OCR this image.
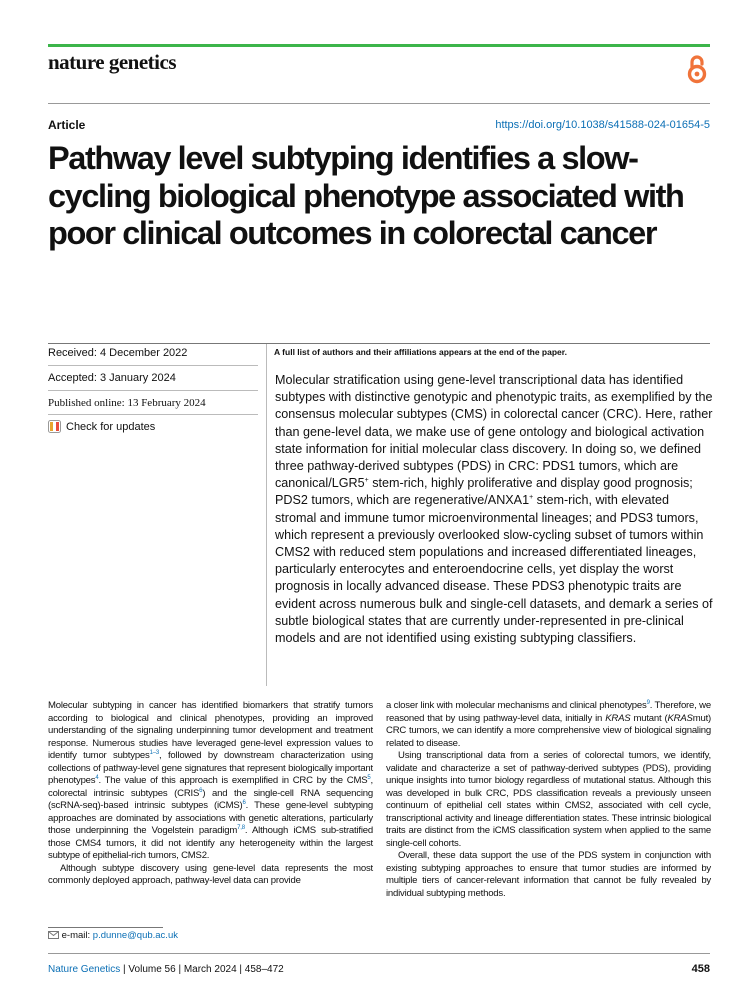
nature genetics
Article	https://doi.org/10.1038/s41588-024-01654-5
Pathway level subtyping identifies a slow-cycling biological phenotype associated with poor clinical outcomes in colorectal cancer
Received: 4 December 2022
Accepted: 3 January 2024
Published online: 13 February 2024
Check for updates
A full list of authors and their affiliations appears at the end of the paper.

Molecular stratification using gene-level transcriptional data has identified subtypes with distinctive genotypic and phenotypic traits, as exemplified by the consensus molecular subtypes (CMS) in colorectal cancer (CRC). Here, rather than gene-level data, we make use of gene ontology and biological activation state information for initial molecular class discovery. In doing so, we defined three pathway-derived subtypes (PDS) in CRC: PDS1 tumors, which are canonical/LGR5+ stem-rich, highly proliferative and display good prognosis; PDS2 tumors, which are regenerative/ANXA1+ stem-rich, with elevated stromal and immune tumor microenvironmental lineages; and PDS3 tumors, which represent a previously overlooked slow-cycling subset of tumors within CMS2 with reduced stem populations and increased differentiated lineages, particularly enterocytes and enteroendocrine cells, yet display the worst prognosis in locally advanced disease. These PDS3 phenotypic traits are evident across numerous bulk and single-cell datasets, and demark a series of subtle biological states that are currently under-represented in pre-clinical models and are not identified using existing subtyping classifiers.

Molecular subtyping in cancer has identified biomarkers that stratify tumors according to biological and clinical phenotypes, providing an improved understanding of the signaling underpinning tumor development and treatment response. Numerous studies have leveraged gene-level expression values to identify tumor subtypes$^{1-3}$, followed by downstream characterization using collections of pathway-level gene signatures that represent biologically important phenotypes$^4$. The value of this approach is exemplified in CRC by the CMS$^5$, colorectal intrinsic subtypes (CRIS$^6$) and the single-cell RNA sequencing (scRNA-seq)-based intrinsic subtypes (iCMS)$^6$. These gene-level subtyping approaches are dominated by associations with genetic alterations, particularly those underpinning the Vogelstein paradigm$^{7,8}$. Although iCMS sub-stratified those CMS4 tumors, it did not identify any heterogeneity within the largest subtype of epithelial-rich tumors, CMS2.

Although subtype discovery using gene-level data represents the most commonly deployed approach, pathway-level data can provide

a closer link with molecular mechanisms and clinical phenotypes$^9$. Therefore, we reasoned that by using pathway-level data, initially in KRAS mutant (KRASmut) CRC tumors, we can identify a more comprehensive view of biological signaling related to disease.

Using transcriptional data from a series of colorectal tumors, we identify, validate and characterize a set of pathway-derived subtypes (PDS), providing unique insights into tumor biology regardless of mutational status. Although this was developed in bulk CRC, PDS classification reveals a previously unseen continuum of epithelial cell states within CMS2, associated with cell cycle, transcriptional activity and lineage differentiation states. These intrinsic biological traits are distinct from the iCMS classification system when applied to the same single-cell cohorts.

Overall, these data support the use of the PDS system in conjunction with existing subtyping approaches to ensure that tumor studies are informed by multiple tiers of cancer-relevant information that cannot be fully revealed by individual subtyping methods.

e-mail: p.dunne@qub.ac.uk
Nature Genetics | Volume 56 | March 2024 | 458–472	458
